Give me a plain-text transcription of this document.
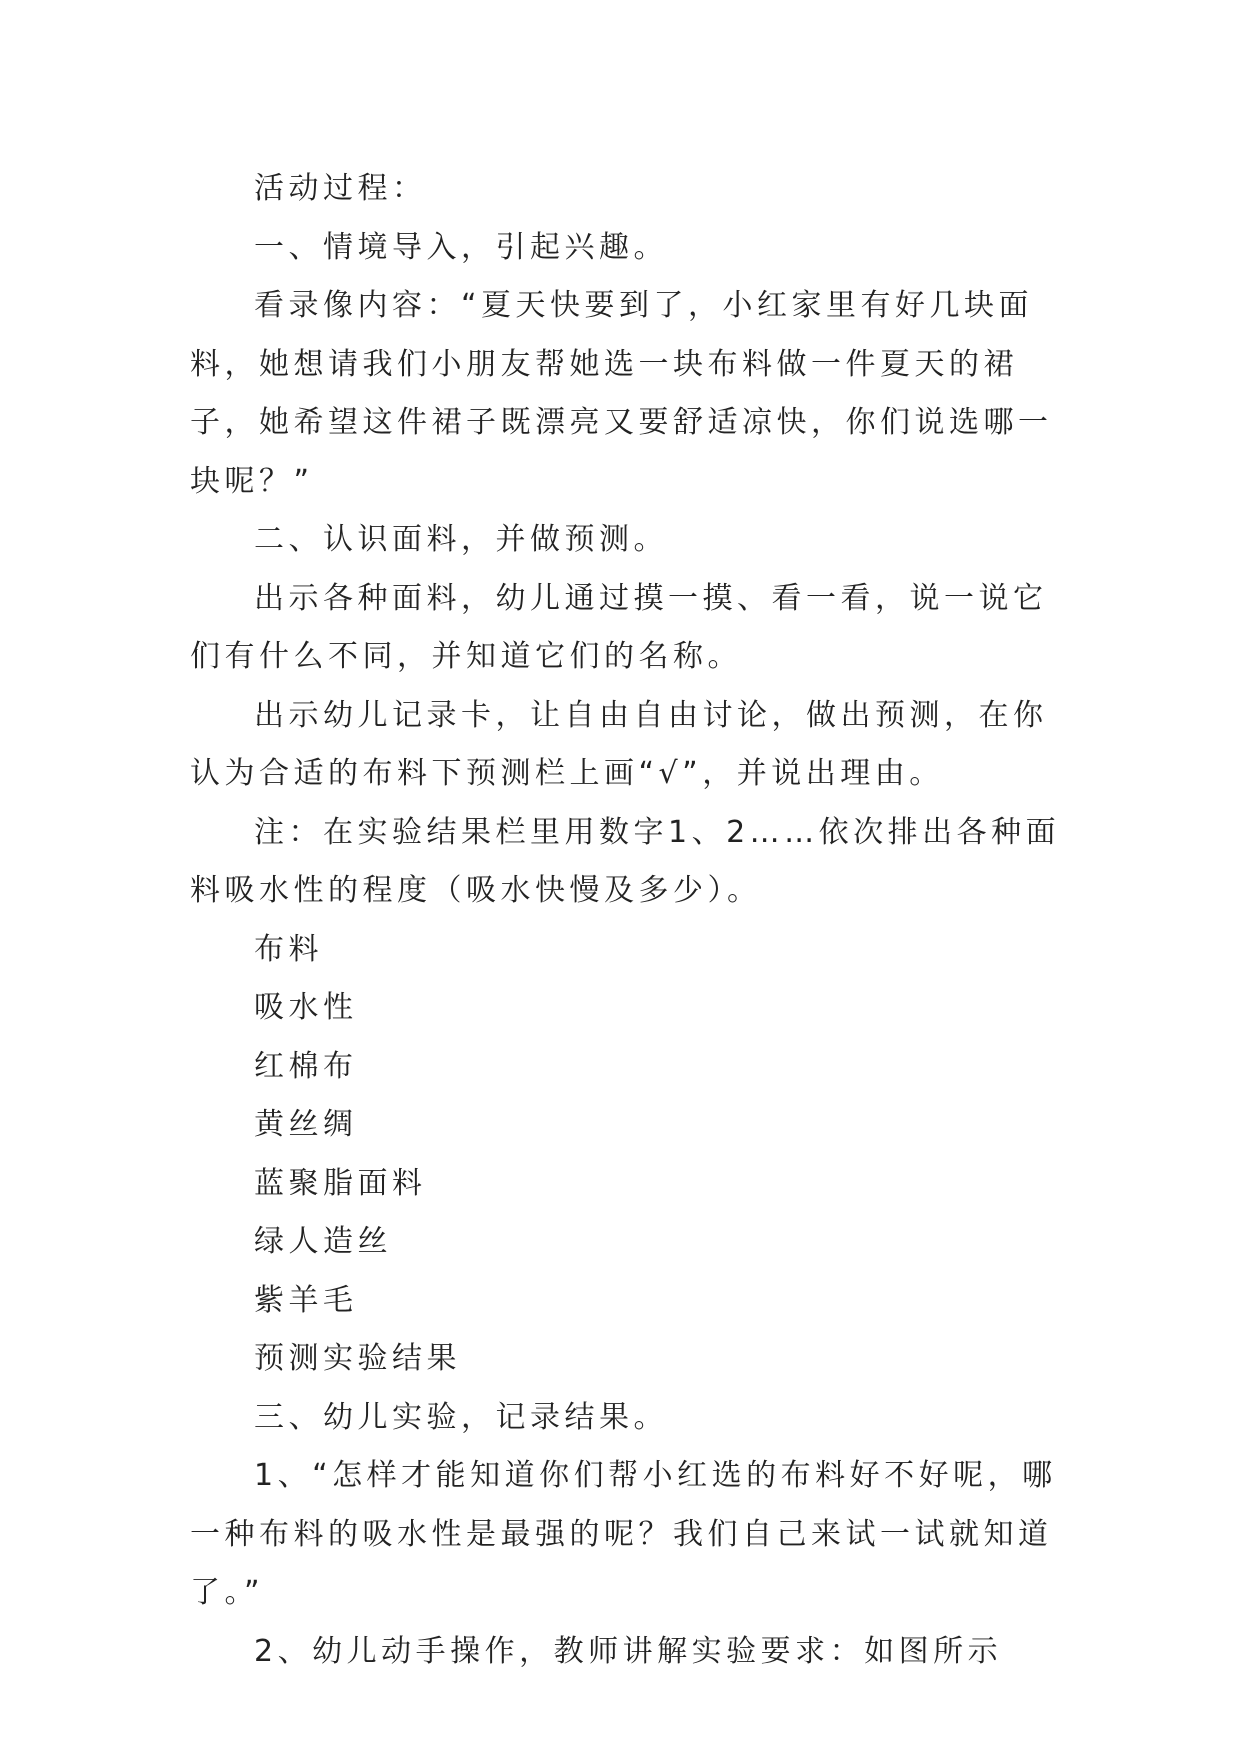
活动过程：

一、情境导入，引起兴趣。

看录像内容：“夏天快要到了，小红家里有好几块面料，她想请我们小朋友帮她选一块布料做一件夏天的裙子，她希望这件裙子既漂亮又要舒适凉快，你们说选哪一块呢？”

二、认识面料，并做预测。

出示各种面料，幼儿通过摸一摸、看一看，说一说它们有什么不同，并知道它们的名称。

出示幼儿记录卡，让自由自由讨论，做出预测，在你认为合适的布料下预测栏上画“√”，并说出理由。

注：在实验结果栏里用数字1、2……依次排出各种面料吸水性的程度（吸水快慢及多少）。

布料

吸水性

红棉布

黄丝绸

蓝聚脂面料

绿人造丝

紫羊毛

预测实验结果

三、幼儿实验，记录结果。

1、“怎样才能知道你们帮小红选的布料好不好呢，哪一种布料的吸水性是最强的呢？我们自己来试一试就知道了。”

2、幼儿动手操作，教师讲解实验要求：如图所示
